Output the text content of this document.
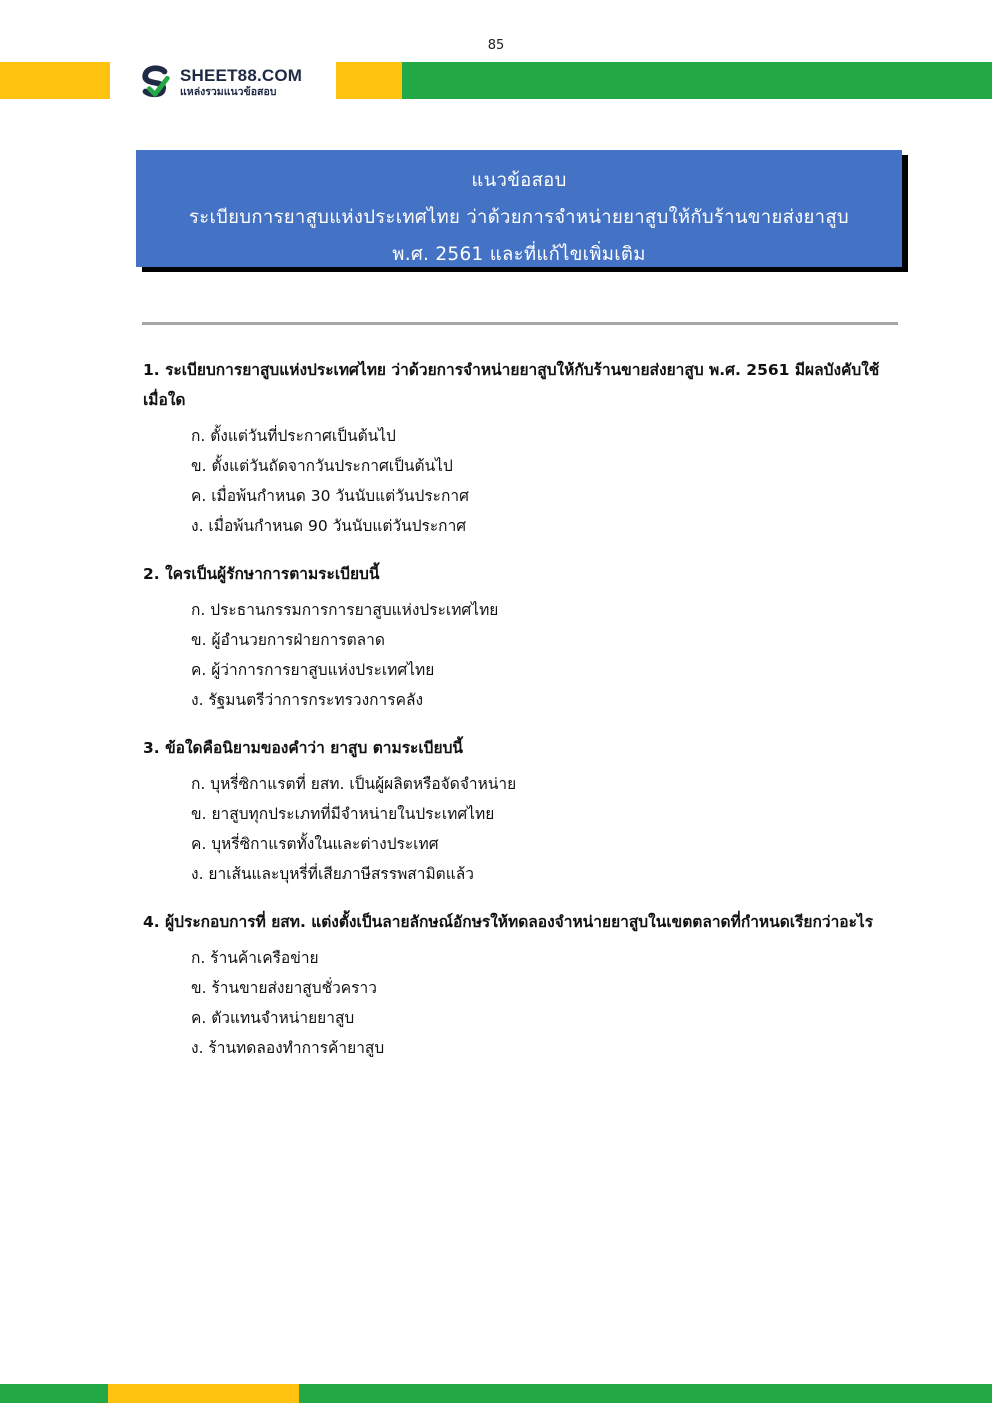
85
SHEET88.COM
แหล่งรวมแนวข้อสอบ
แนวข้อสอบ
ระเบียบการยาสูบแห่งประเทศไทย ว่าด้วยการจำหน่ายยาสูบให้กับร้านขายส่งยาสูบ
พ.ศ. 2561 และที่แก้ไขเพิ่มเติม
1. ระเบียบการยาสูบแห่งประเทศไทย ว่าด้วยการจำหน่ายยาสูบให้กับร้านขายส่งยาสูบ พ.ศ. 2561 มีผลบังคับใช้เมื่อใด
ก. ตั้งแต่วันที่ประกาศเป็นต้นไป
ข. ตั้งแต่วันถัดจากวันประกาศเป็นต้นไป
ค. เมื่อพ้นกำหนด 30 วันนับแต่วันประกาศ
ง. เมื่อพ้นกำหนด 90 วันนับแต่วันประกาศ
2. ใครเป็นผู้รักษาการตามระเบียบนี้
ก. ประธานกรรมการการยาสูบแห่งประเทศไทย
ข. ผู้อำนวยการฝ่ายการตลาด
ค. ผู้ว่าการการยาสูบแห่งประเทศไทย
ง. รัฐมนตรีว่าการกระทรวงการคลัง
3. ข้อใดคือนิยามของคำว่า ยาสูบ ตามระเบียบนี้
ก. บุหรี่ซิกาแรตที่ ยสท. เป็นผู้ผลิตหรือจัดจำหน่าย
ข. ยาสูบทุกประเภทที่มีจำหน่ายในประเทศไทย
ค. บุหรี่ซิกาแรตทั้งในและต่างประเทศ
ง. ยาเส้นและบุหรี่ที่เสียภาษีสรรพสามิตแล้ว
4. ผู้ประกอบการที่ ยสท. แต่งตั้งเป็นลายลักษณ์อักษรให้ทดลองจำหน่ายยาสูบในเขตตลาดที่กำหนดเรียกว่าอะไร
ก. ร้านค้าเครือข่าย
ข. ร้านขายส่งยาสูบชั่วคราว
ค. ตัวแทนจำหน่ายยาสูบ
ง. ร้านทดลองทำการค้ายาสูบ
